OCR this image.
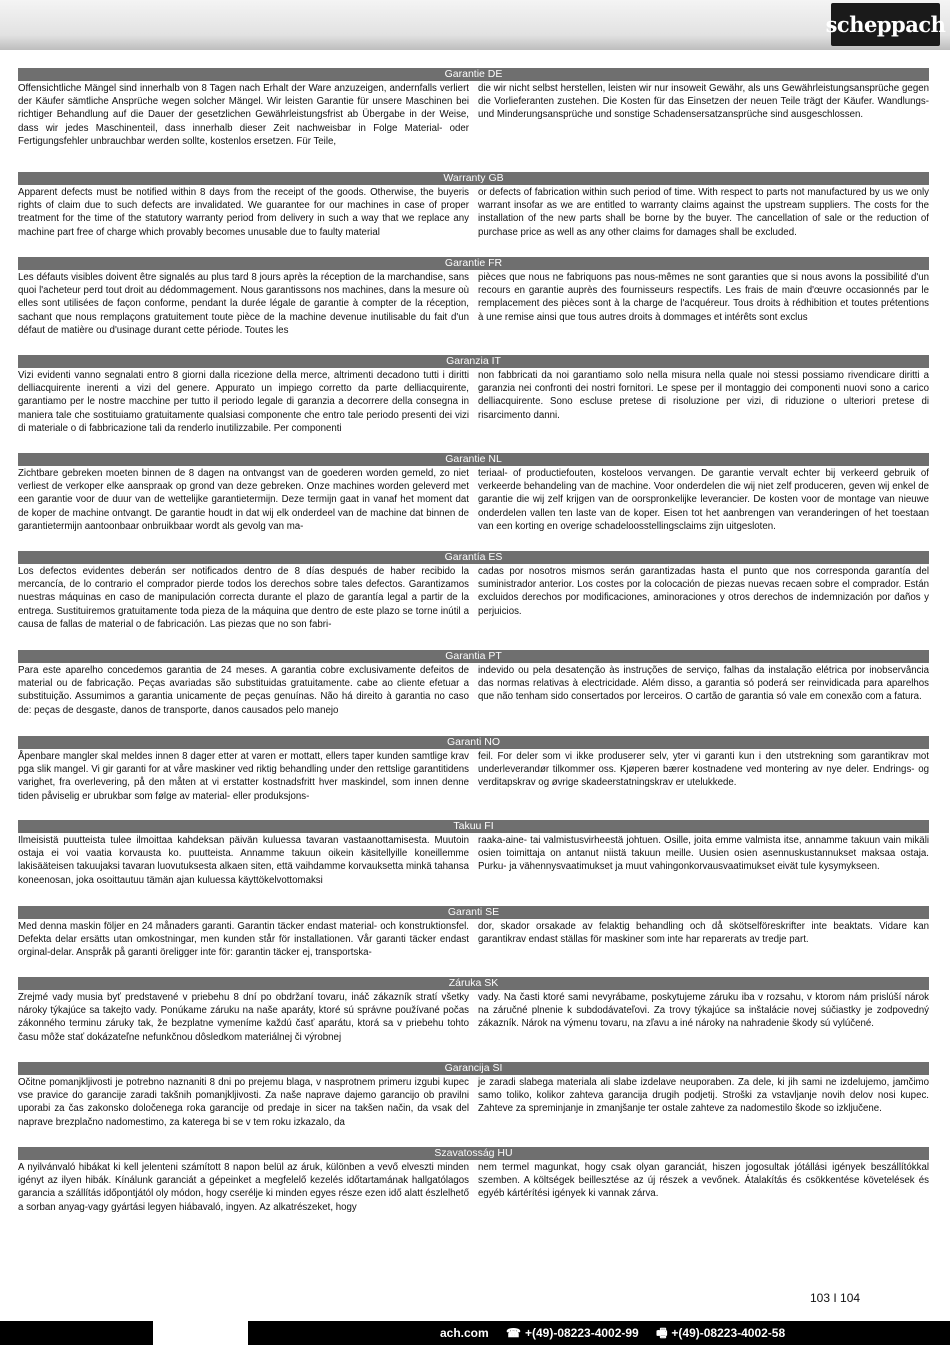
scheppach
Garantie DE
Offensichtliche Mängel sind innerhalb von 8 Tagen nach Erhalt der Ware anzuzeigen, andernfalls verliert der Käufer sämtliche Ansprüche wegen solcher Mängel. Wir leisten Garantie für unsere Maschinen bei richtiger Behandlung auf die Dauer der gesetzlichen Gewährleistungsfrist ab Übergabe in der Weise, dass wir jedes Maschinenteil, dass innerhalb dieser Zeit nachweisbar in Folge Material- oder Fertigungsfehler unbrauchbar werden sollte, kostenlos ersetzen. Für Teile,
die wir nicht selbst herstellen, leisten wir nur insoweit Gewähr, als uns Gewährleistungsansprüche gegen die Vorlieferanten zustehen. Die Kosten für das Einsetzen der neuen Teile trägt der Käufer. Wandlungs- und Minderungsansprüche und sonstige Schadensersatzansprüche sind ausgeschlossen.
Warranty GB
Apparent defects must be notified within 8 days from the receipt of the goods. Otherwise, the buyeris rights of claim due to such defects are invalidated. We guarantee for our machines in case of proper treatment for the time of the statutory warranty period from delivery in such a way that we replace any machine part free of charge which provably becomes unusable due to faulty material
or defects of fabrication within such period of time. With respect to parts not manufactured by us we only warrant insofar as we are entitled to warranty claims against the upstream suppliers. The costs for the installation of the new parts shall be borne by the buyer. The cancellation of sale or the reduction of purchase price as well as any other claims for damages shall be excluded.
Garantie FR
Les défauts visibles doivent être signalés au plus tard 8 jours après la réception de la marchandise, sans quoi l'acheteur perd tout droit au dédommagement. Nous garantissons nos machines, dans la mesure où elles sont utilisées de façon conforme, pendant la durée légale de garantie à compter de la réception, sachant que nous remplaçons gratuitement toute pièce de la machine devenue inutilisable du fait d'un défaut de matière ou d'usinage durant cette période. Toutes les
pièces que nous ne fabriquons pas nous-mêmes ne sont garanties que si nous avons la possibilité d'un recours en garantie auprès des fournisseurs respectifs. Les frais de main d'œuvre occasionnés par le remplacement des pièces sont à la charge de l'acquéreur. Tous droits à rédhibition et toutes prétentions à une remise ainsi que tous autres droits à dommages et intérêts sont exclus
Garanzia IT
Vizi evidenti vanno segnalati entro 8 giorni dalla ricezione della merce, altrimenti decadono tutti i diritti delliacquirente inerenti a vizi del genere. Appurato un impiego corretto da parte delliacquirente, garantiamo per le nostre macchine per tutto il periodo legale di garanzia a decorrere della consegna in maniera tale che sostituiamo gratuitamente qualsiasi componente che entro tale periodo presenti dei vizi di materiale o di fabbricazione tali da renderlo inutilizzabile. Per componenti
non fabbricati da noi garantiamo solo nella misura nella quale noi stessi possiamo rivendicare diritti a garanzia nei confronti dei nostri fornitori. Le spese per il montaggio dei componenti nuovi sono a carico delliacquirente. Sono escluse pretese di risoluzione per vizi, di riduzione o ulteriori pretese di risarcimento danni.
Garantie NL
Zichtbare gebreken moeten binnen de 8 dagen na ontvangst van de goederen worden gemeld, zo niet verliest de verkoper elke aanspraak op grond van deze gebreken. Onze machines worden geleverd met een garantie voor de duur van de wettelijke garantietermijn. Deze termijn gaat in vanaf het moment dat de koper de machine ontvangt. De garantie houdt in dat wij elk onderdeel van de machine dat binnen de garantietermijn aantoonbaar onbruikbaar wordt als gevolg van ma-
teriaal- of productiefouten, kosteloos vervangen. De garantie vervalt echter bij verkeerd gebruik of verkeerde behandeling van de machine. Voor onderdelen die wij niet zelf produceren, geven wij enkel de garantie die wij zelf krijgen van de oorspronkelijke leverancier. De kosten voor de montage van nieuwe onderdelen vallen ten laste van de koper. Eisen tot het aanbrengen van veranderingen of het toestaan van een korting en overige schadeloosstellingsclaims zijn uitgesloten.
Garantía ES
Los defectos evidentes deberán ser notificados dentro de 8 días después de haber recibido la mercancía, de lo contrario el comprador pierde todos los derechos sobre tales defectos. Garantizamos nuestras máquinas en caso de manipulación correcta durante el plazo de garantía legal a partir de la entrega. Sustituiremos gratuitamente toda pieza de la máquina que dentro de este plazo se torne inútil a causa de fallas de material o de fabricación. Las piezas que no son fabri-
cadas por nosotros mismos serán garantizadas hasta el punto que nos corresponda garantía del suministrador anterior. Los costes por la colocación de piezas nuevas recaen sobre el comprador. Están excluidos derechos por modificaciones, aminoraciones y otros derechos de indemnización por daños y perjuicios.
Garantia PT
Para este aparelho concedemos garantia de 24 meses. A garantia cobre exclusivamente defeitos de material ou de fabricação. Peças avariadas são substituidas gratuitamente. cabe ao cliente efetuar a substituição. Assumimos a garantia unicamente de peças genuínas. Não há direito à garantia no caso de: peças de desgaste, danos de transporte, danos causados pelo manejo
indevido ou pela desatenção às instruções de serviço, falhas da instalação elétrica por inobservância das normas relativas à electricidade. Além disso, a garantia só poderá ser reinvidicada para aparelhos que não tenham sido consertados por lerceiros. O cartão de garantia só vale em conexão com a fatura.
Garanti NO
Åpenbare mangler skal meldes innen 8 dager etter at varen er mottatt, ellers taper kunden samtlige krav pga slik mangel. Vi gir garanti for at våre maskiner ved riktig behandling under den rettslige garantitidens varighet, fra overlevering, på den måten at vi erstatter kostnadsfritt hver maskindel, som innen denne tiden påviselig er ubrukbar som følge av material- eller produksjons-
feil. For deler som vi ikke produserer selv, yter vi garanti kun i den utstrekning som garantikrav mot underleverandør tilkommer oss. Kjøperen bærer kostnadene ved montering av nye deler. Endrings- og verditapskrav og øvrige skadeerstatningskrav er utelukkede.
Takuu FI
Ilmeisistä puutteista tulee ilmoittaa kahdeksan päivän kuluessa tavaran vastaanottamisesta. Muutoin ostaja ei voi vaatia korvausta ko. puutteista. Annamme takuun oikein käsitellyille koneillemme lakisääteisen takuujaksi tavaran luovutuksesta alkaen siten, että vaihdamme korvauksetta minkä tahansa koneenosan, joka osoittautuu tämän ajan kuluessa käyttökelvottomaksi
raaka-aine- tai valmistusvirheestä johtuen. Osille, joita emme valmista itse, annamme takuun vain mikäli osien toimittaja on antanut niistä takuun meille. Uusien osien asennuskustannukset maksaa ostaja. Purku- ja vähennysvaatimukset ja muut vahingonkorvausvaatimukset eivät tule kysymykseen.
Garanti SE
Med denna maskin följer en 24 månaders garanti. Garantin täcker endast material- och konstruktionsfel. Defekta delar ersätts utan omkostningar, men kunden står för installationen. Vår garanti täcker endast orginal-delar. Anspråk på garanti öreligger inte för: garantin täcker ej, transportska-
dor, skador orsakade av felaktig behandling och då skötselföreskrifter inte beaktats. Vidare kan garantikrav endast ställas för maskiner som inte har reparerats av tredje part.
Záruka SK
Zrejmé vady musia byť predstavené v priebehu 8 dní po obdržaní tovaru, ináč zákazník stratí všetky nároky týkajúce sa takejto vady. Ponúkame záruku na naše aparáty, ktoré sú správne používané počas zákonného terminu záruky tak, že bezplatne vymeníme každú časť aparátu, ktorá sa v priebehu tohto času môže stať dokázateľne nefunkčnou dôsledkom materiálnej či výrobnej
vady. Na časti ktoré sami nevyrábame, poskytujeme záruku iba v rozsahu, v ktorom nám prislúší nárok na záručné plnenie k subdodávateľovi. Za trovy týkajúce sa inštalácie novej súčiastky je zodpovedný zákazník. Nárok na výmenu tovaru, na zľavu a iné nároky na nahradenie škody sú vylúčené.
Garancija SI
Očitne pomanjkljivosti je potrebno naznaniti 8 dni po prejemu blaga, v nasprotnem primeru izgubi kupec vse pravice do garancije zaradi takšnih pomanjkljivosti. Za naše naprave dajemo garancijo ob pravilni uporabi za čas zakonsko določenega roka garancije od predaje in sicer na takšen način, da vsak del naprave brezplačno nadomestimo, za katerega bi se v tem roku izkazalo, da
je zaradi slabega materiala ali slabe izdelave neuporaben. Za dele, ki jih sami ne izdelujemo, jamčimo samo toliko, kolikor zahteva garancija drugih podjetij. Stroški za vstavljanje novih delov nosi kupec. Zahteve za spreminjanje in zmanjšanje ter ostale zahteve za nadomestilo škode so izključene.
Szavatosság HU
A nyilvánvaló hibákat ki kell jelenteni számított 8 napon belül az áruk, különben a vevő elveszti minden igényt az ilyen hibák. Kínálunk garanciát a gépeinket a megfelelő kezelés időtartamának hallgatólagos garancia a szállítás időpontjától oly módon, hogy cserélje ki minden egyes része ezen idő alatt észlelhető a sorban anyag-vagy gyártási legyen hiábavaló, ingyen. Az alkatrészeket, hogy
nem termel magunkat, hogy csak olyan garanciát, hiszen jogosultak jótállási igények beszállítókkal szemben. A költségek beillesztése az új részek a vevőnek. Átalakítás és csökkentése követelések és egyéb kártérítési igények ki vannak zárva.
103 I 104
ach.com ☎ +(49)-08223-4002-99 🖷 +(49)-08223-4002-58
